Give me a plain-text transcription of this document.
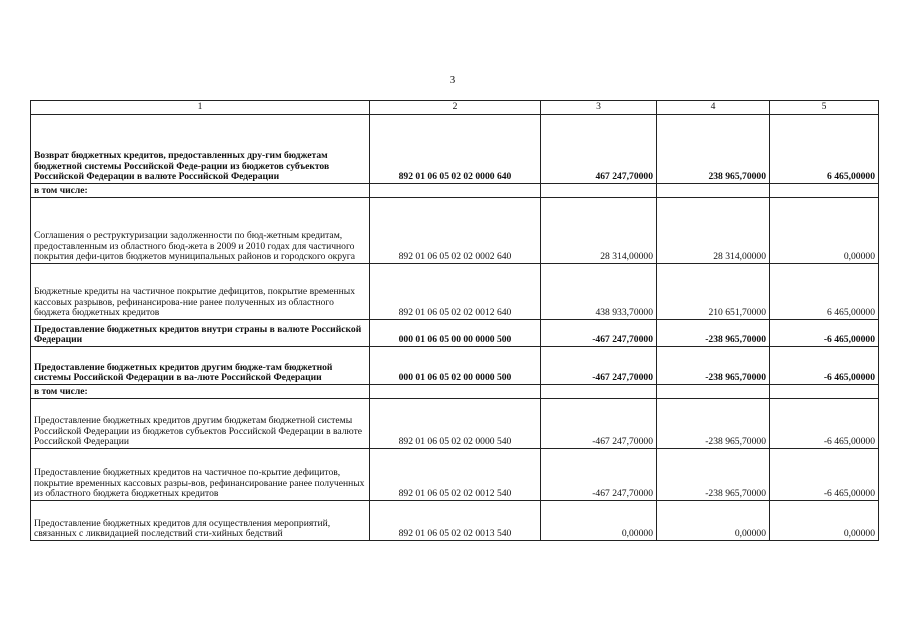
3
1	2	3	4	5
Возврат бюджетных кредитов, предоставленных дру-гим бюджетам бюджетной системы Российской Феде-рации из бюджетов субъектов Российской Федерации в валюте Российской Федерации	892 01 06 05 02 02 0000 640	467 247,70000	238 965,70000	6 465,00000
в том числе:				
Соглашения о реструктуризации задолженности по бюд-жетным кредитам, предоставленным из областного бюд-жета в 2009 и 2010 годах для частичного покрытия дефи-цитов бюджетов муниципальных районов и городского округа	892 01 06 05 02 02 0002 640	28 314,00000	28 314,00000	0,00000
Бюджетные кредиты на частичное покрытие дефицитов, покрытие временных кассовых разрывов, рефинансирова-ние ранее полученных из областного бюджета бюджетных кредитов	892 01 06 05 02 02 0012 640	438 933,70000	210 651,70000	6 465,00000
Предоставление бюджетных кредитов внутри страны в валюте Российской Федерации	000 01 06 05 00 00 0000 500	-467 247,70000	-238 965,70000	-6 465,00000
Предоставление бюджетных кредитов другим бюдже-там бюджетной системы Российской Федерации в ва-люте Российской Федерации	000 01 06 05 02 00 0000 500	-467 247,70000	-238 965,70000	-6 465,00000
в том числе:				
Предоставление бюджетных кредитов другим бюджетам бюджетной системы Российской Федерации из бюджетов субъектов Российской Федерации в валюте Российской Федерации	892 01 06 05 02 02 0000 540	-467 247,70000	-238 965,70000	-6 465,00000
Предоставление бюджетных кредитов на частичное по-крытие дефицитов, покрытие временных кассовых разры-вов, рефинансирование ранее полученных из областного бюджета бюджетных кредитов	892 01 06 05 02 02 0012 540	-467 247,70000	-238 965,70000	-6 465,00000
Предоставление бюджетных кредитов для осуществления мероприятий, связанных с ликвидацией последствий сти-хийных бедствий	892 01 06 05 02 02 0013 540	0,00000	0,00000	0,00000
